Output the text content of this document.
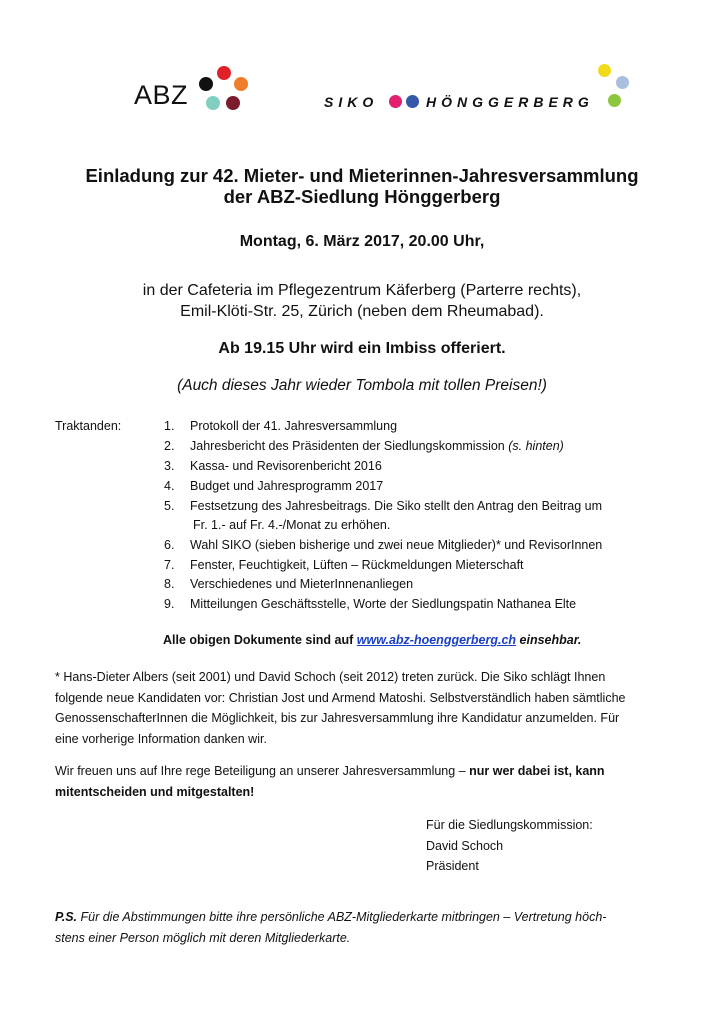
ABZ	SIKO	HÖNGGERBERG
Einladung zur 42. Mieter- und Mieterinnen-Jahresversammlung
der ABZ-Siedlung Hönggerberg
Montag, 6. März 2017, 20.00 Uhr,
in der Cafeteria im Pflegezentrum Käferberg (Parterre rechts),
Emil-Klöti-Str. 25, Zürich (neben dem Rheumabad).
Ab 19.15 Uhr wird ein Imbiss offeriert.
(Auch dieses Jahr wieder Tombola mit tollen Preisen!)
Traktanden:	1. Protokoll der 41. Jahresversammlung
2. Jahresbericht des Präsidenten der Siedlungskommission (s. hinten)
3. Kassa- und Revisorenbericht 2016
4. Budget und Jahresprogramm 2017
5. Festsetzung des Jahresbeitrags. Die Siko stellt den Antrag den Beitrag um
Fr. 1.- auf Fr. 4.-/Monat zu erhöhen.
6. Wahl SIKO (sieben bisherige und zwei neue Mitglieder)* und RevisorInnen
7. Fenster, Feuchtigkeit, Lüften – Rückmeldungen Mieterschaft
8. Verschiedenes und MieterInnenanliegen
9. Mitteilungen Geschäftsstelle, Worte der Siedlungspatin Nathanea Elte
Alle obigen Dokumente sind auf www.abz-hoenggerberg.ch einsehbar.
* Hans-Dieter Albers (seit 2001) und David Schoch (seit 2012) treten zurück. Die Siko schlägt Ihnen
folgende neue Kandidaten vor: Christian Jost und Armend Matoshi. Selbstverständlich haben sämtliche
GenossenschafterInnen die Möglichkeit, bis zur Jahresversammlung ihre Kandidatur anzumelden. Für
eine vorherige Information danken wir.
Wir freuen uns auf Ihre rege Beteiligung an unserer Jahresversammlung – nur wer dabei ist, kann
mitentscheiden und mitgestalten!
Für die Siedlungskommission:
David Schoch
Präsident
P.S. Für die Abstimmungen bitte ihre persönliche ABZ-Mitgliederkarte mitbringen – Vertretung höch-
stens einer Person möglich mit deren Mitgliederkarte.
